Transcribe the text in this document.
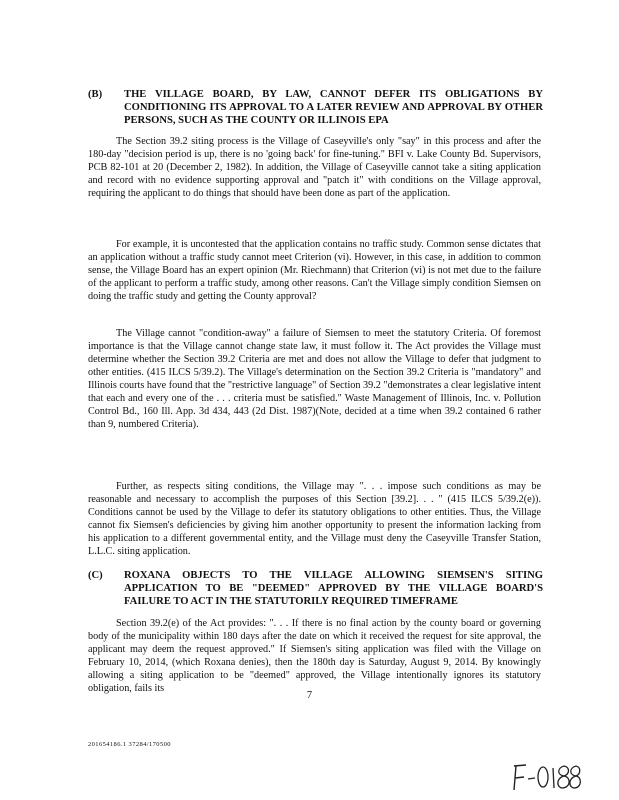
(B) THE VILLAGE BOARD, BY LAW, CANNOT DEFER ITS OBLIGATIONS BY CONDITIONING ITS APPROVAL TO A LATER REVIEW AND APPROVAL BY OTHER PERSONS, SUCH AS THE COUNTY OR ILLINOIS EPA

The Section 39.2 siting process is the Village of Caseyville's only "say" in this process and after the 180-day "decision period is up, there is no 'going back' for fine-tuning." BFI v. Lake County Bd. Supervisors, PCB 82-101 at 20 (December 2, 1982). In addition, the Village of Caseyville cannot take a siting application and record with no evidence supporting approval and "patch it" with conditions on the Village approval, requiring the applicant to do things that should have been done as part of the application.

For example, it is uncontested that the application contains no traffic study. Common sense dictates that an application without a traffic study cannot meet Criterion (vi). However, in this case, in addition to common sense, the Village Board has an expert opinion (Mr. Riechmann) that Criterion (vi) is not met due to the failure of the applicant to perform a traffic study, among other reasons. Can't the Village simply condition Siemsen on doing the traffic study and getting the County approval?

The Village cannot "condition-away" a failure of Siemsen to meet the statutory Criteria. Of foremost importance is that the Village cannot change state law, it must follow it. The Act provides the Village must determine whether the Section 39.2 Criteria are met and does not allow the Village to defer that judgment to other entities. (415 ILCS 5/39.2). The Village's determination on the Section 39.2 Criteria is "mandatory" and Illinois courts have found that the "restrictive language" of Section 39.2 "demonstrates a clear legislative intent that each and every one of the . . . criteria must be satisfied." Waste Management of Illinois, Inc. v. Pollution Control Bd., 160 Ill. App. 3d 434, 443 (2d Dist. 1987)(Note, decided at a time when 39.2 contained 6 rather than 9, numbered Criteria).

Further, as respects siting conditions, the Village may ". . . impose such conditions as may be reasonable and necessary to accomplish the purposes of this Section [39.2]. . . " (415 ILCS 5/39.2(e)). Conditions cannot be used by the Village to defer its statutory obligations to other entities. Thus, the Village cannot fix Siemsen's deficiencies by giving him another opportunity to present the information lacking from his application to a different governmental entity, and the Village must deny the Caseyville Transfer Station, L.L.C. siting application.

(C) ROXANA OBJECTS TO THE VILLAGE ALLOWING SIEMSEN'S SITING APPLICATION TO BE "DEEMED" APPROVED BY THE VILLAGE BOARD'S FAILURE TO ACT IN THE STATUTORILY REQUIRED TIMEFRAME

Section 39.2(e) of the Act provides: ". . . If there is no final action by the county board or governing body of the municipality within 180 days after the date on which it received the request for site approval, the applicant may deem the request approved." If Siemsen's siting application was filed with the Village on February 10, 2014, (which Roxana denies), then the 180th day is Saturday, August 9, 2014. By knowingly allowing a siting application to be "deemed" approved, the Village intentionally ignores its statutory obligation, fails its

7
201654186.1 37284/170500
